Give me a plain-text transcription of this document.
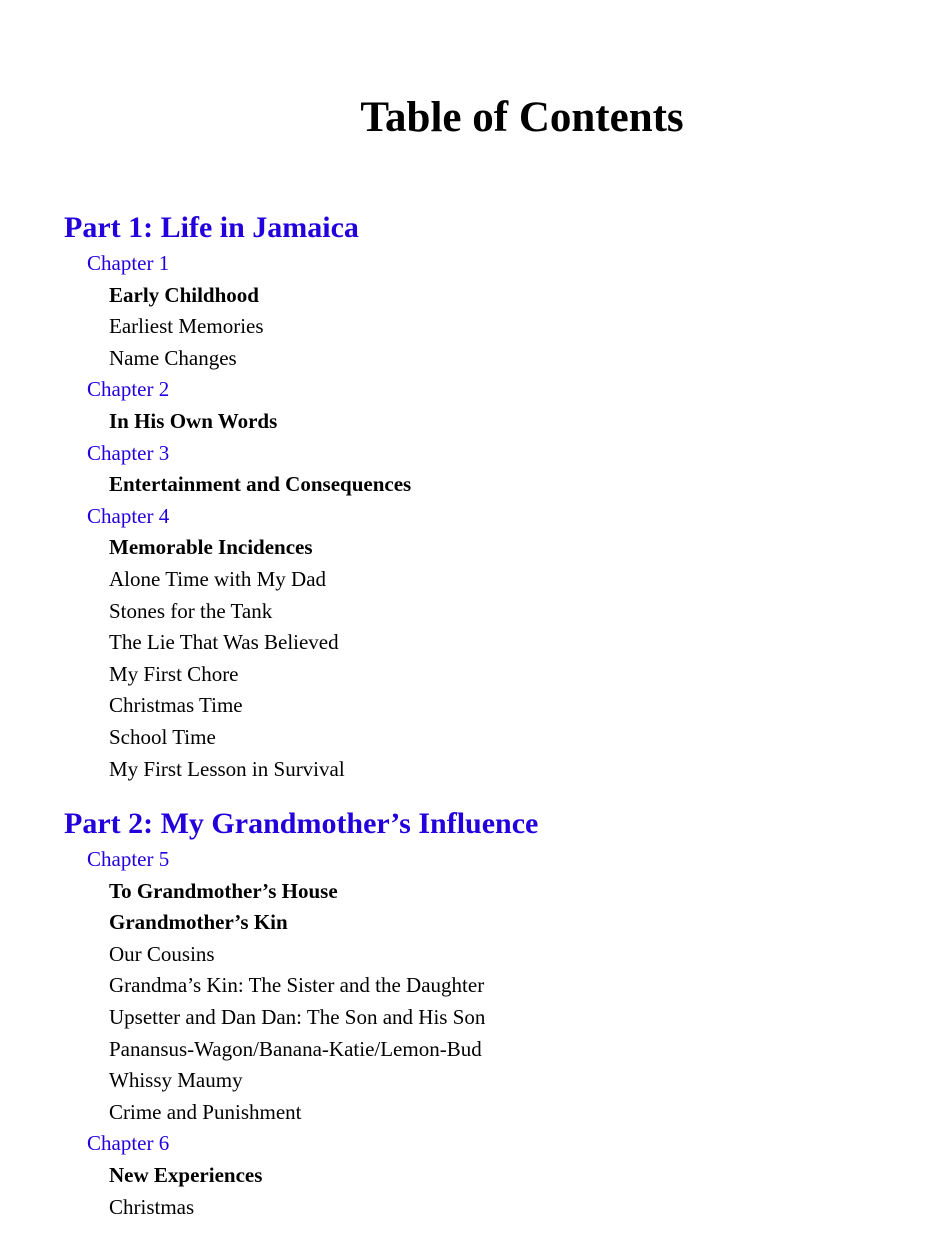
Table of Contents
Part 1: Life in Jamaica
Chapter 1
Early Childhood
Earliest Memories
Name Changes
Chapter 2
In His Own Words
Chapter 3
Entertainment and Consequences
Chapter 4
Memorable Incidences
Alone Time with My Dad
Stones for the Tank
The Lie That Was Believed
My First Chore
Christmas Time
School Time
My First Lesson in Survival
Part 2: My Grandmother’s Influence
Chapter 5
To Grandmother’s House
Grandmother’s Kin
Our Cousins
Grandma’s Kin: The Sister and the Daughter
Upsetter and Dan Dan: The Son and His Son
Panansus-Wagon/Banana-Katie/Lemon-Bud
Whissy Maumy
Crime and Punishment
Chapter 6
New Experiences
Christmas
